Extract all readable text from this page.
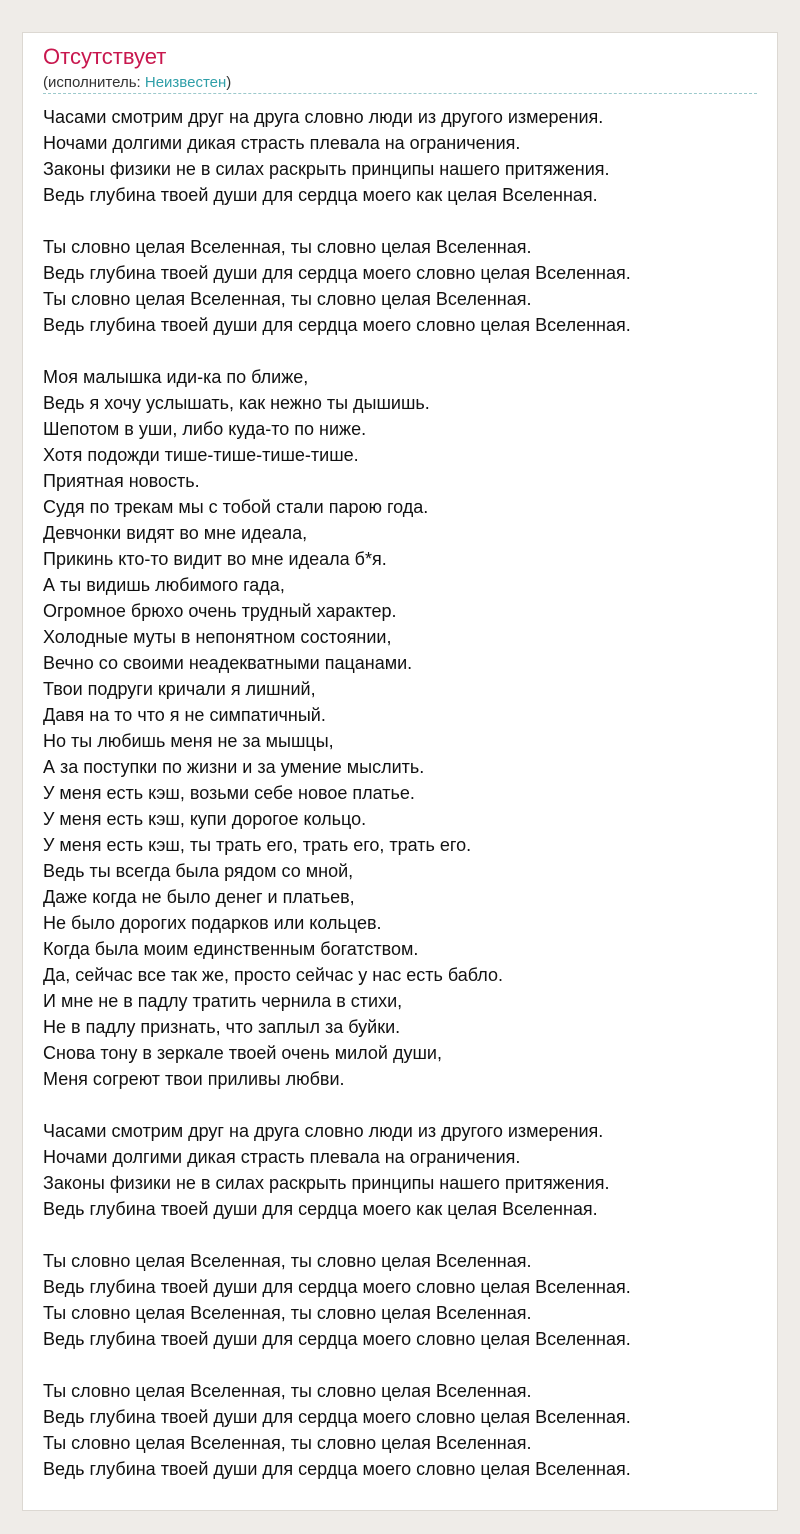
Отсутствует
(исполнитель: Неизвестен)
Часами смотрим друг на друга словно люди из другого измерения.
Ночами долгими дикая страсть плевала на ограничения.
Законы физики не в силах раскрыть принципы нашего притяжения.
Ведь глубина твоей души для сердца моего как целая Вселенная.
Ты словно целая Вселенная, ты словно целая Вселенная.
Ведь глубина твоей души для сердца моего словно целая Вселенная.
Ты словно целая Вселенная, ты словно целая Вселенная.
Ведь глубина твоей души для сердца моего словно целая Вселенная.
Моя малышка иди-ка по ближе,
Ведь я хочу услышать, как нежно ты дышишь.
Шепотом в уши, либо куда-то по ниже.
Хотя подожди тише-тише-тише-тише.
Приятная новость.
Судя по трекам мы с тобой стали парою года.
Девчонки видят во мне идеала,
Прикинь кто-то видит во мне идеала б*я.
А ты видишь любимого гада,
Огромное брюхо очень трудный характер.
Холодные муты в непонятном состоянии,
Вечно со своими неадекватными пацанами.
Твои подруги кричали я лишний,
Давя на то что я не симпатичный.
Но ты любишь меня не за мышцы,
А за поступки по жизни и за умение мыслить.
У меня есть кэш, возьми себе новое платье.
У меня есть кэш, купи дорогое кольцо.
У меня есть кэш, ты трать его, трать его, трать его.
Ведь ты всегда была рядом со мной,
Даже когда не было денег и платьев,
Не было дорогих подарков или кольцев.
Когда была моим единственным богатством.
Да, сейчас все так же, просто сейчас у нас есть бабло.
И мне не в падлу тратить чернила в стихи,
Не в падлу признать, что заплыл за буйки.
Снова тону в зеркале твоей очень милой души,
Меня согреют твои приливы любви.
Часами смотрим друг на друга словно люди из другого измерения.
Ночами долгими дикая страсть плевала на ограничения.
Законы физики не в силах раскрыть принципы нашего притяжения.
Ведь глубина твоей души для сердца моего как целая Вселенная.
Ты словно целая Вселенная, ты словно целая Вселенная.
Ведь глубина твоей души для сердца моего словно целая Вселенная.
Ты словно целая Вселенная, ты словно целая Вселенная.
Ведь глубина твоей души для сердца моего словно целая Вселенная.
Ты словно целая Вселенная, ты словно целая Вселенная.
Ведь глубина твоей души для сердца моего словно целая Вселенная.
Ты словно целая Вселенная, ты словно целая Вселенная.
Ведь глубина твоей души для сердца моего словно целая Вселенная.
